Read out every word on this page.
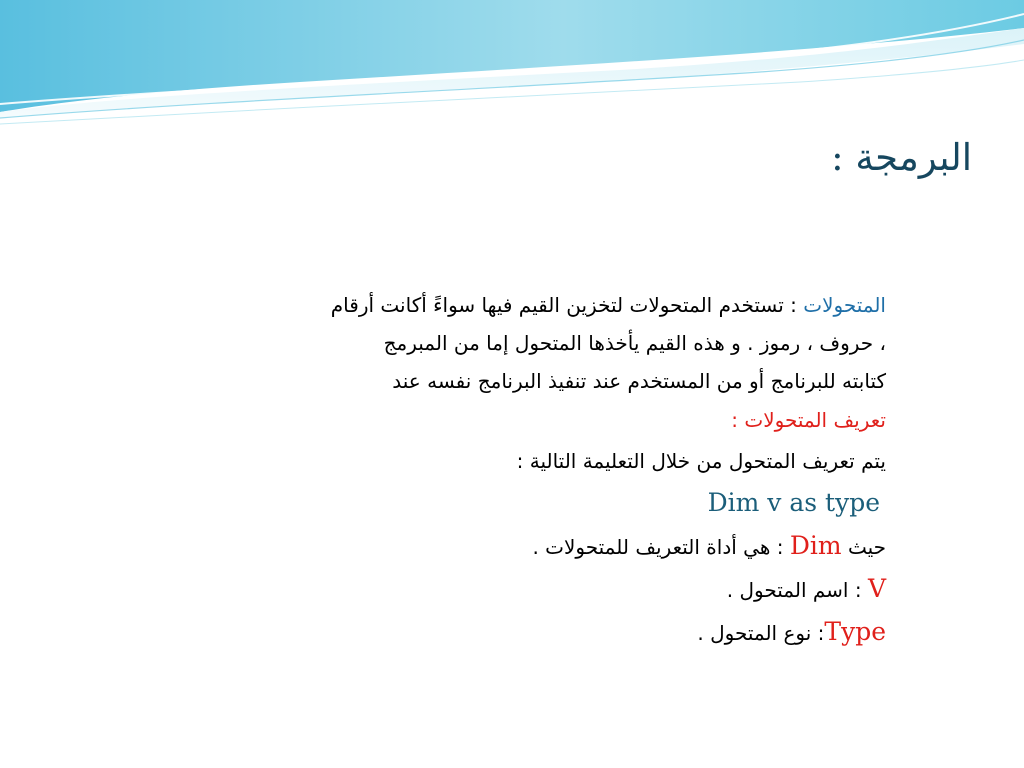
البرمجة :
المتحولات : تستخدم المتحولات لتخزين القيم فيها سواءً أكانت أرقام
، حروف ، رموز . و هذه القيم يأخذها المتحول إما من المبرمج
كتابته للبرنامج أو من المستخدم عند تنفيذ البرنامج نفسه عند
تعريف المتحولات :
يتم تعريف المتحول من خلال التعليمة التالية :
Dim v as type
حيث Dim : هي أداة التعريف للمتحولات .
V : اسم المتحول .
Type: نوع المتحول .
